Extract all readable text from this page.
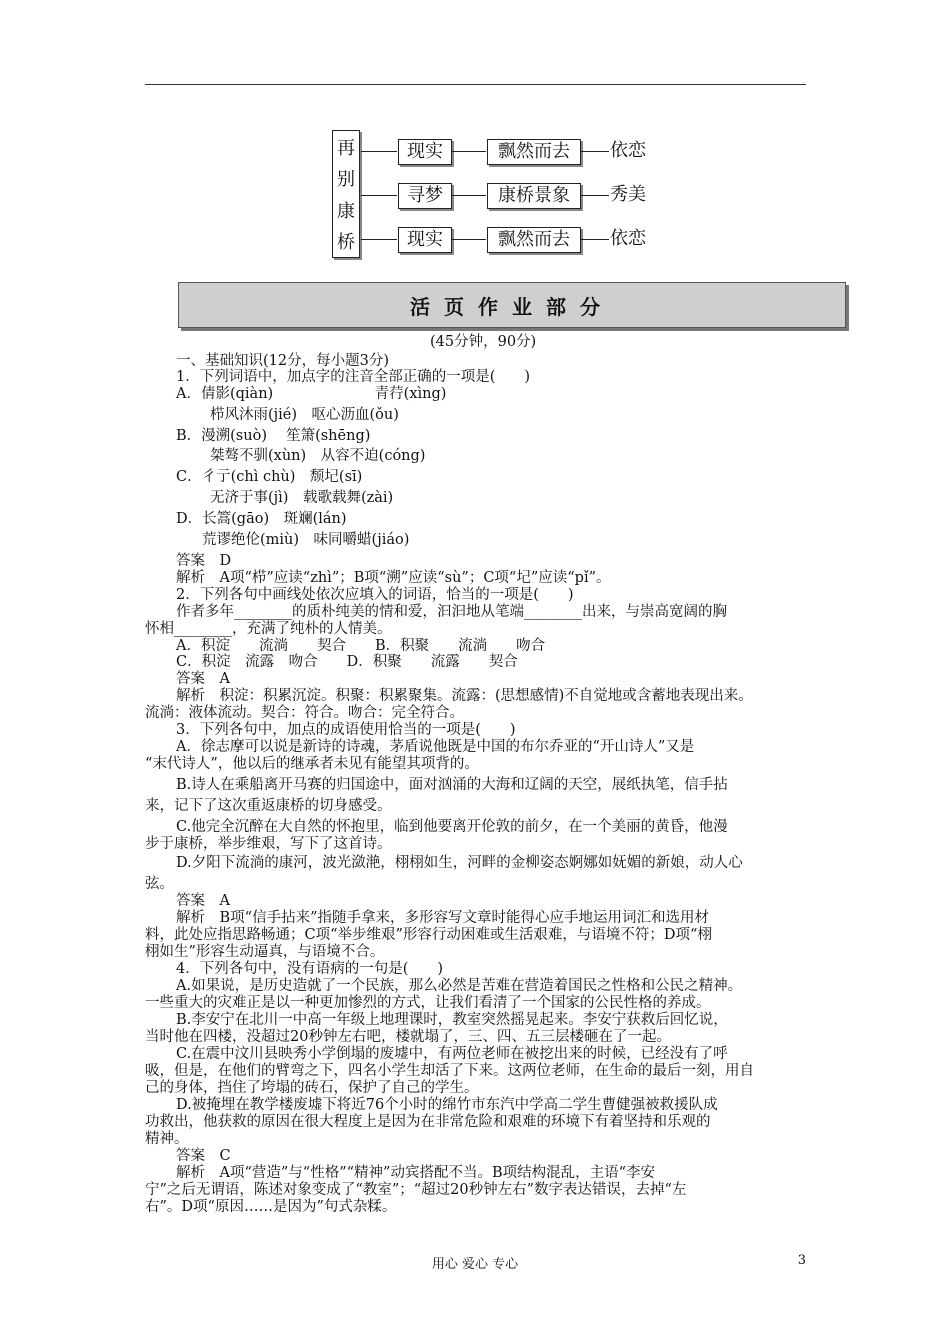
再
别
康
桥
现实	飘然而去	依恋
寻梦	康桥景象	秀美
现实	飘然而去	依恋
活页作业部分
(45分钟，90分)
一、基础知识(12分，每小题3分)
1．下列词语中，加点字的注音全部正确的一项是(　　)
A．倩影(qiàn)　　　　　　　青荇(xìng)
栉风沐雨(jié)　呕心沥血(ǒu)
B．漫溯(suò)　 笙箫(shēng)
桀骜不驯(xùn)　从容不迫(cóng)
C．彳亍(chì chù)　颓圮(sī)
无济于事(jì)　载歌载舞(zài)
D．长篙(gāo)　斑斓(lán)
荒谬绝伦(miù)　味同嚼蜡(jiáo)
答案　D
解析　A项“栉”应读“zhì”；B项“溯”应读“sù”；C项“圮”应读“pǐ”。
2．下列各句中画线处依次应填入的词语，恰当的一项是(　　)
作者多年________的质朴纯美的情和爱，汩汩地从笔端________出来，与崇高宽阔的胸
怀相________，充满了纯朴的人情美。
A．积淀　　流淌　　契合　　B．积聚　　流淌　　吻合
C．积淀　流露　吻合　　D．积聚　　流露　　契合
答案　A
解析　积淀：积累沉淀。积聚：积累聚集。流露：(思想感情)不自觉地或含蓄地表现出来。
流淌：液体流动。契合：符合。吻合：完全符合。
3．下列各句中，加点的成语使用恰当的一项是(　　)
A．徐志摩可以说是新诗的诗魂，茅盾说他既是中国的布尔乔亚的“开山诗人”又是
“末代诗人”，他以后的继承者未见有能望其项背的。
B.诗人在乘船离开马赛的归国途中，面对汹涌的大海和辽阔的天空，展纸执笔，信手拈
来，记下了这次重返康桥的切身感受。
C.他完全沉醉在大自然的怀抱里，临到他要离开伦敦的前夕，在一个美丽的黄昏，他漫
步于康桥，举步维艰，写下了这首诗。
D.夕阳下流淌的康河，波光潋滟，栩栩如生，河畔的金柳姿态婀娜如妩媚的新娘，动人心
弦。
答案　A
解析　B项“信手拈来”指随手拿来，多形容写文章时能得心应手地运用词汇和选用材
料，此处应指思路畅通；C项“举步维艰”形容行动困难或生活艰难，与语境不符；D项“栩
栩如生”形容生动逼真，与语境不合。
4．下列各句中，没有语病的一句是(　　)
A.如果说，是历史造就了一个民族，那么必然是苦难在营造着国民之性格和公民之精神。
一些重大的灾难正是以一种更加惨烈的方式，让我们看清了一个国家的公民性格的养成。
B.李安宁在北川一中高一年级上地理课时，教室突然摇晃起来。李安宁获救后回忆说，
当时他在四楼，没超过20秒钟左右吧，楼就塌了，三、四、五三层楼砸在了一起。
C.在震中汶川县映秀小学倒塌的废墟中，有两位老师在被挖出来的时候，已经没有了呼
吸，但是，在他们的臂弯之下，四名小学生却活了下来。这两位老师，在生命的最后一刻，用自
己的身体，挡住了垮塌的砖石，保护了自己的学生。
D.被掩埋在教学楼废墟下将近76个小时的绵竹市东汽中学高二学生曹健强被救援队成
功救出，他获救的原因在很大程度上是因为在非常危险和艰难的环境下有着坚持和乐观的
精神。
答案　C
解析　A项“营造”与“性格”“精神”动宾搭配不当。B项结构混乱，主语“李安
宁”之后无谓语，陈述对象变成了“教室”；“超过20秒钟左右”数字表达错误，去掉“左
右”。D项“原因……是因为”句式杂糅。
用心 爱心 专心	3
